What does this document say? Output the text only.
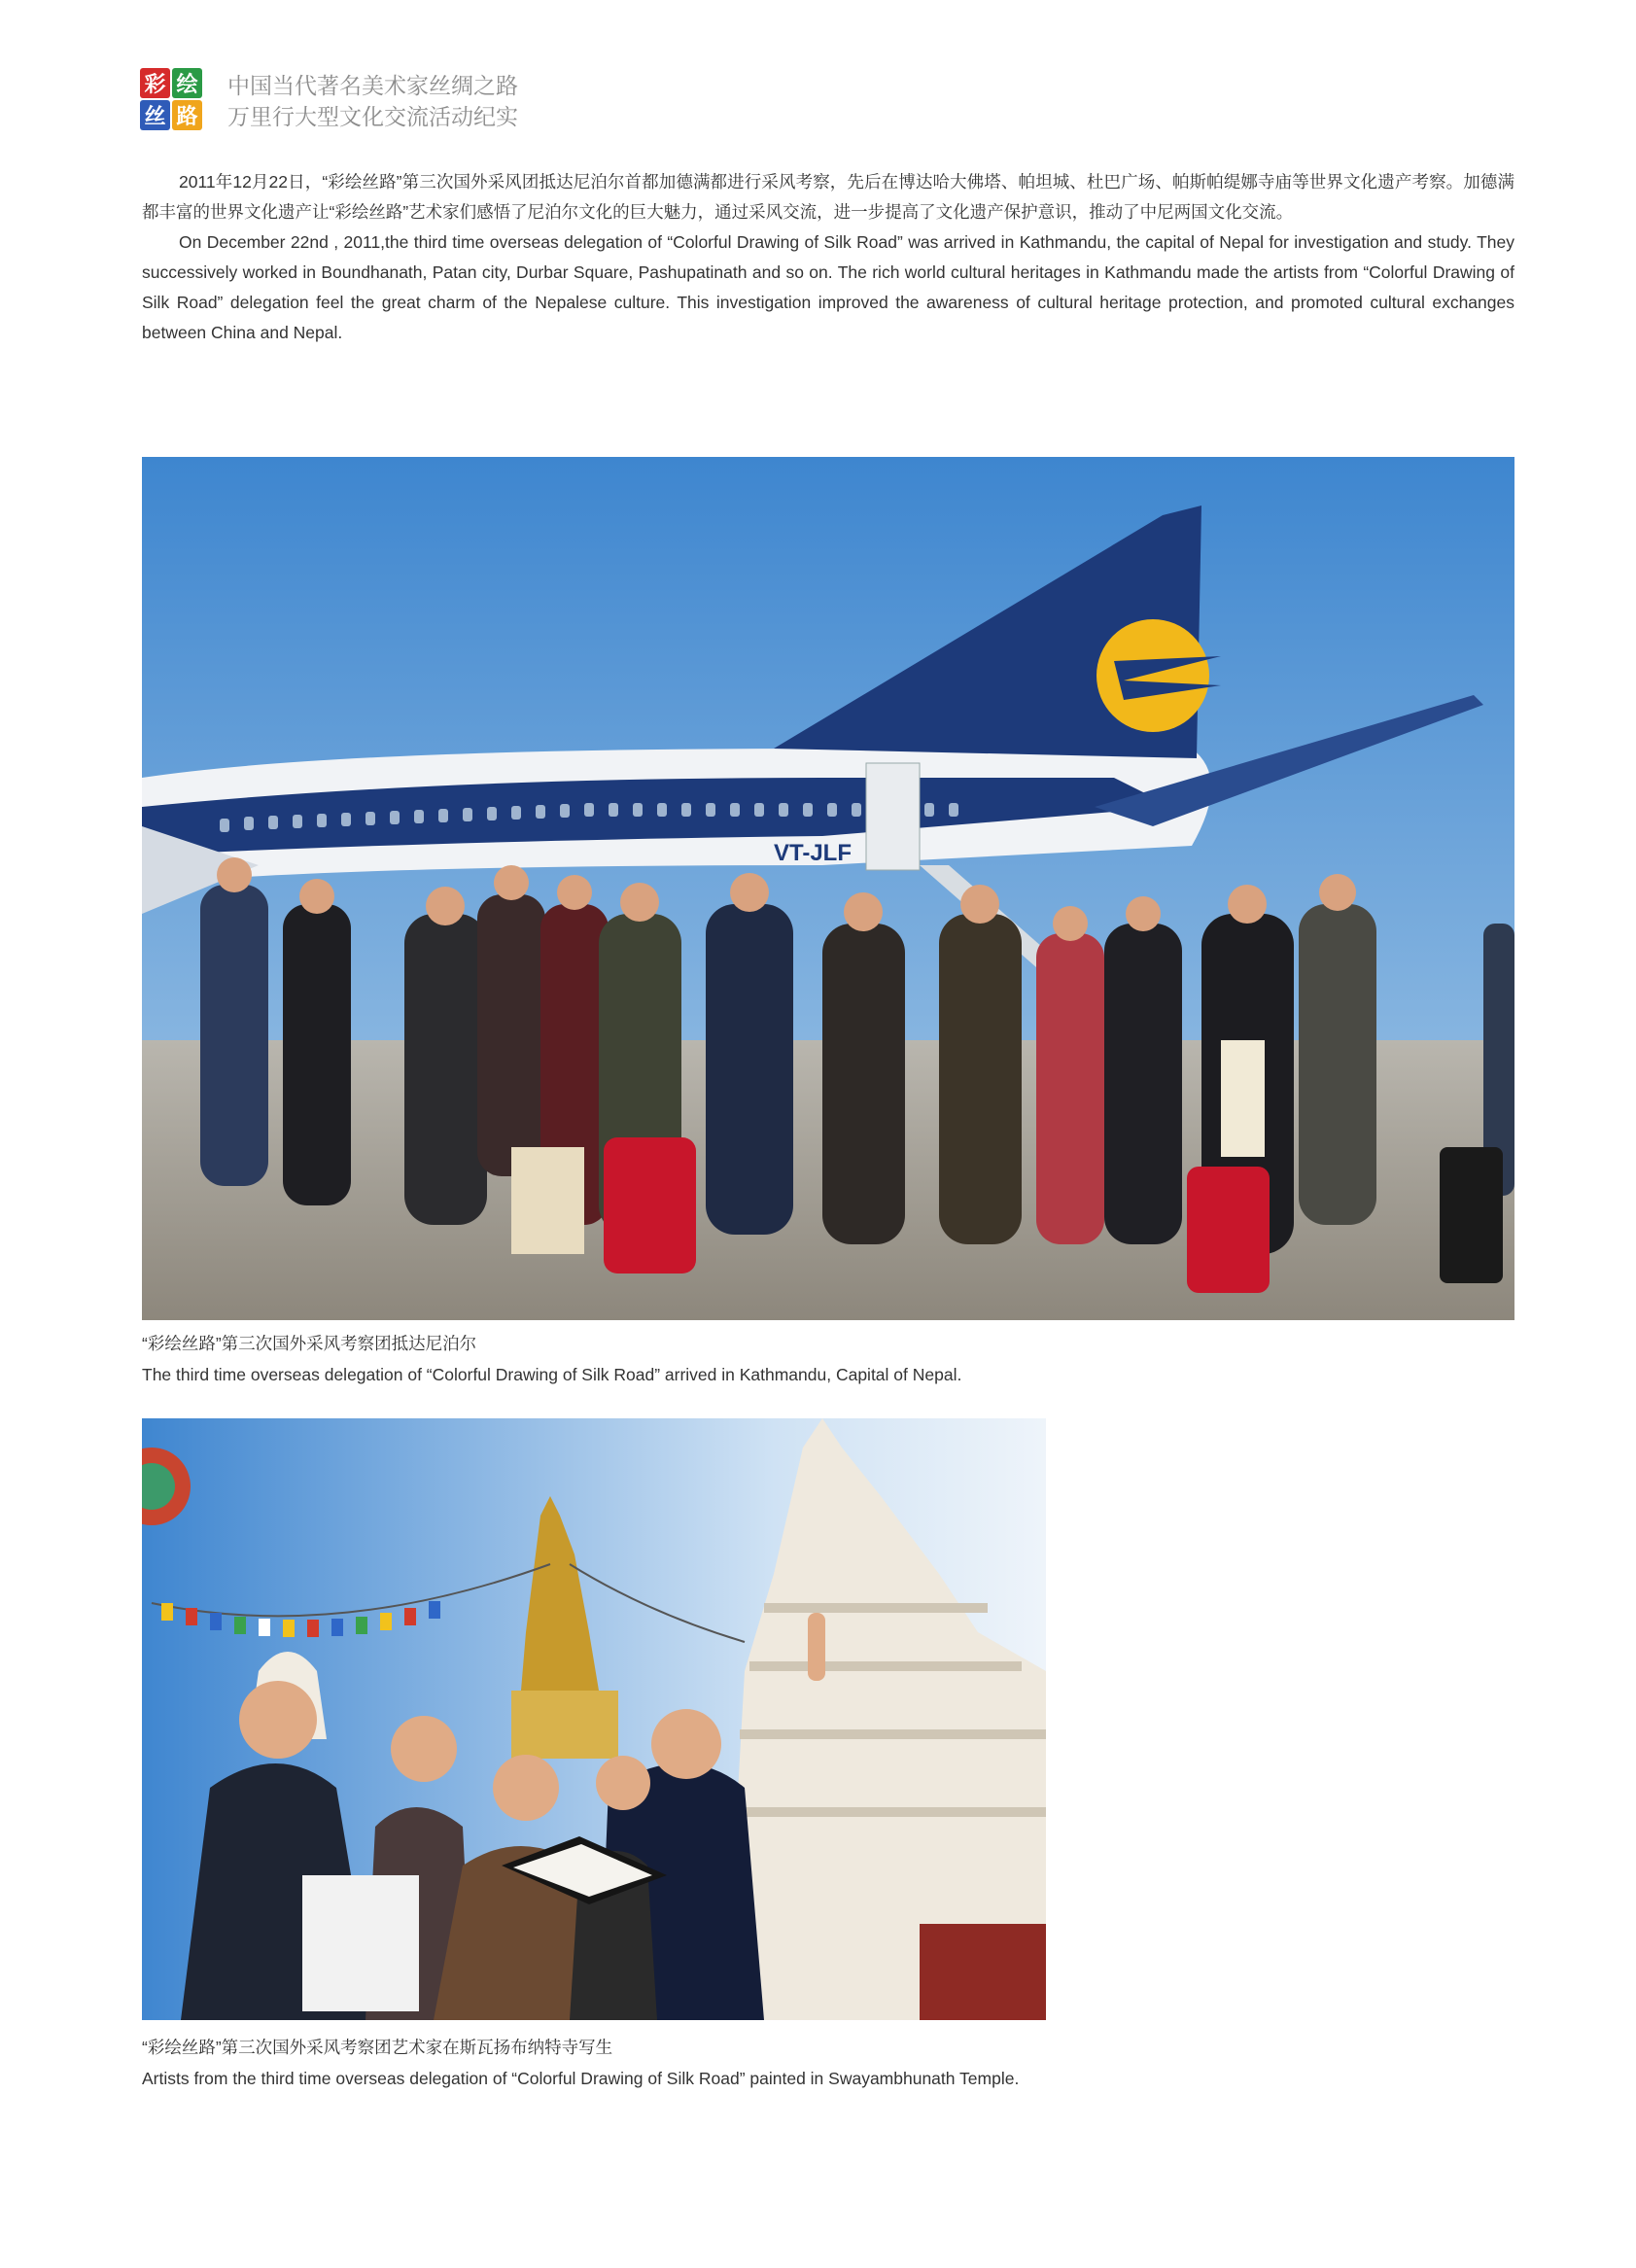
彩 绘
丝 路
中国当代著名美术家丝绸之路
万里行大型文化交流活动纪实

2011年12月22日，“彩绘丝路”第三次国外采风团抵达尼泊尔首都加德满都进行采风考察，先后在博达哈大佛塔、帕坦城、杜巴广场、帕斯帕缇娜寺庙等世界文化遗产考察。加德满都丰富的世界文化遗产让“彩绘丝路”艺术家们感悟了尼泊尔文化的巨大魅力，通过采风交流，进一步提高了文化遗产保护意识，推动了中尼两国文化交流。

On December 22nd , 2011,the third time overseas delegation of “Colorful Drawing of Silk Road” was arrived in Kathmandu, the capital of Nepal for investigation and study. They successively worked in Boundhanath, Patan city, Durbar Square, Pashupatinath and so on. The rich world cultural heritages in Kathmandu made the artists from “Colorful Drawing of Silk Road” delegation feel the great charm of the Nepalese culture. This investigation improved the awareness of cultural heritage protection, and promoted cultural exchanges between China and Nepal.

VT-JLF
“彩绘丝路”第三次国外采风考察团抵达尼泊尔
The third time overseas delegation of “Colorful Drawing of Silk Road” arrived in Kathmandu, Capital of Nepal.
“彩绘丝路”第三次国外采风考察团艺术家在斯瓦扬布纳特寺写生
Artists from the third time overseas delegation of “Colorful Drawing of Silk Road” painted in Swayambhunath Temple.
